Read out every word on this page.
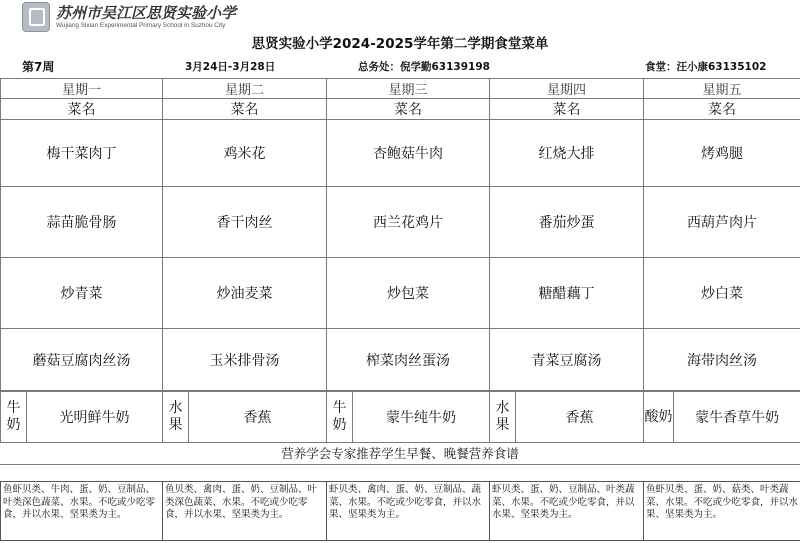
苏州市吴江区思贤实验小学
Wujiang Sixian Experimental Primary School in Suzhou City
思贤实验小学2024-2025学年第二学期食堂菜单
第7周	3月24日-3月28日	总务处：倪学勤63139198	食堂：汪小康63135102
星期一	星期二	星期三	星期四	星期五
菜名	菜名	菜名	菜名	菜名
梅干菜肉丁	鸡米花	杏鲍菇牛肉	红烧大排	烤鸡腿
蒜苗脆骨肠	香干肉丝	西兰花鸡片	番茄炒蛋	西葫芦肉片
炒青菜	炒油麦菜	炒包菜	糖醋藕丁	炒白菜
蘑菇豆腐肉丝汤	玉米排骨汤	榨菜肉丝蛋汤	青菜豆腐汤	海带肉丝汤
牛奶	光明鲜牛奶	水果	香蕉	牛奶	蒙牛纯牛奶	水果	香蕉	酸奶	蒙牛香草牛奶
营养学会专家推荐学生早餐、晚餐营养食谱
鱼虾贝类、牛肉、蛋、奶、豆制品、叶类深色蔬菜、水果。不吃或少吃零食，并以水果、坚果类为主。	鱼贝类、禽肉、蛋、奶、豆制品、叶类深色蔬菜、水果。不吃或少吃零食，并以水果、坚果类为主。	虾贝类、禽肉、蛋、奶、豆制品、蔬菜、水果。不吃或少吃零食，并以水果、坚果类为主。	虾贝类、蛋、奶、豆制品、叶类蔬菜、水果。不吃或少吃零食，并以水果、坚果类为主。	鱼虾贝类、蛋、奶、菇类、叶类蔬菜、水果。不吃或少吃零食，并以水果、坚果类为主。
